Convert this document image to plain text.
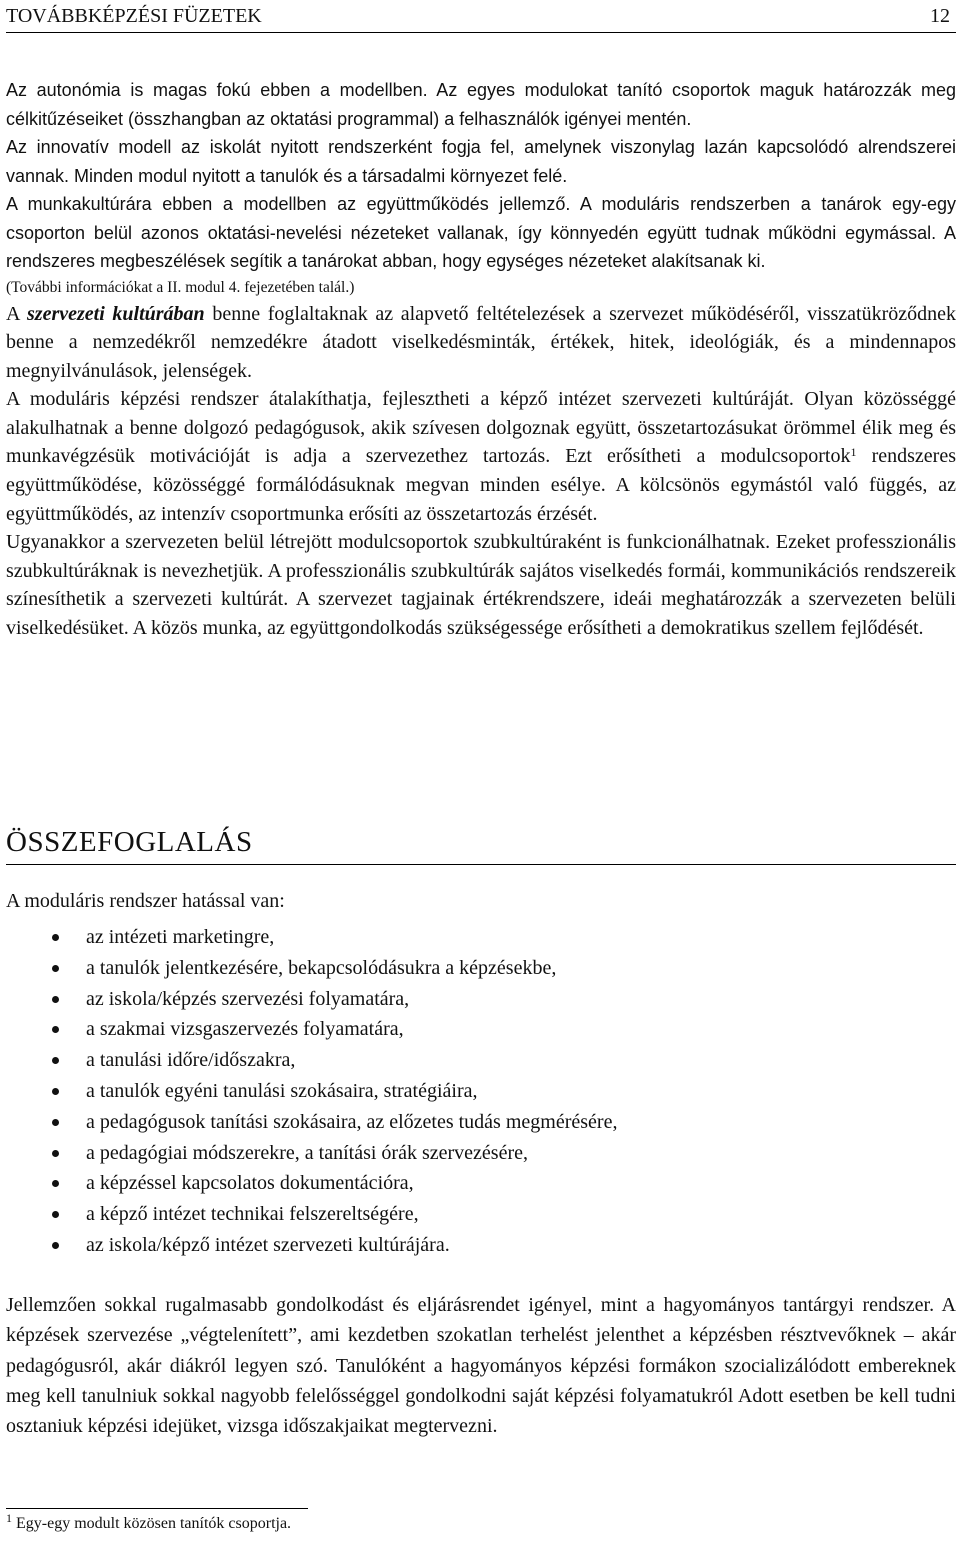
TOVÁBBKÉPZÉSI FÜZETEK	12

Az autonómia is magas fokú ebben a modellben. Az egyes modulokat tanító csoportok maguk határozzák meg célkitűzéseiket (összhangban az oktatási programmal) a felhasználók igényei mentén.

Az innovatív modell az iskolát nyitott rendszerként fogja fel, amelynek viszonylag lazán kapcsolódó alrendszerei vannak. Minden modul nyitott a tanulók és a társadalmi környezet felé.

A munkakultúrára ebben a modellben az együttműködés jellemző. A moduláris rendszerben a tanárok egy-egy csoporton belül azonos oktatási-nevelési nézeteket vallanak, így könnyedén együtt tudnak működni egymással. A rendszeres megbeszélések segítik a tanárokat abban, hogy egységes nézeteket alakítsanak ki.

(További információkat a II. modul 4. fejezetében talál.)

A szervezeti kultúrában benne foglaltaknak az alapvető feltételezések a szervezet működéséről, visszatükröződnek benne a nemzedékről nemzedékre átadott viselkedésminták, értékek, hitek, ideológiák, és a mindennapos megnyilvánulások, jelenségek.

A moduláris képzési rendszer átalakíthatja, fejlesztheti a képző intézet szervezeti kultúráját. Olyan közösséggé alakulhatnak a benne dolgozó pedagógusok, akik szívesen dolgoznak együtt, összetartozásukat örömmel élik meg és munkavégzésük motivációját is adja a szervezethez tartozás. Ezt erősítheti a modulcsoportok$^1$ rendszeres együttműködése, közösséggé formálódásuknak megvan minden esélye. A kölcsönös egymástól való függés, az együttműködés, az intenzív csoportmunka erősíti az összetartozás érzését.

Ugyanakkor a szervezeten belül létrejött modulcsoportok szubkultúraként is funkcionálhatnak. Ezeket professzionális szubkultúráknak is nevezhetjük. A professzionális szubkultúrák sajátos viselkedés formái, kommunikációs rendszereik színesíthetik a szervezeti kultúrát. A szervezet tagjainak értékrendszere, ideái meghatározzák a szervezeten belüli viselkedésüket. A közös munka, az együttgondolkodás szükségessége erősítheti a demokratikus szellem fejlődését.

ÖSSZEFOGLALÁS
A moduláris rendszer hatással van:
az intézeti marketingre,
a tanulók jelentkezésére, bekapcsolódásukra a képzésekbe,
az iskola/képzés szervezési folyamatára,
a szakmai vizsgaszervezés folyamatára,
a tanulási időre/időszakra,
a tanulók egyéni tanulási szokásaira, stratégiáira,
a pedagógusok tanítási szokásaira, az előzetes tudás megmérésére,
a pedagógiai módszerekre, a tanítási órák szervezésére,
a képzéssel kapcsolatos dokumentációra,
a képző intézet technikai felszereltségére,
az iskola/képző intézet szervezeti kultúrájára.

Jellemzően sokkal rugalmasabb gondolkodást és eljárásrendet igényel, mint a hagyományos tantárgyi rendszer. A képzések szervezése „végtelenített”, ami kezdetben szokatlan terhelést jelenthet a képzésben résztvevőknek – akár pedagógusról, akár diákról legyen szó. Tanulóként a hagyományos képzési formákon szocializálódott embereknek meg kell tanulniuk sokkal nagyobb felelősséggel gondolkodni saját képzési folyamatukról Adott esetben be kell tudni osztaniuk képzési idejüket, vizsga időszakjaikat megtervezni.

$^1$ Egy-egy modult közösen tanítók csoportja.
